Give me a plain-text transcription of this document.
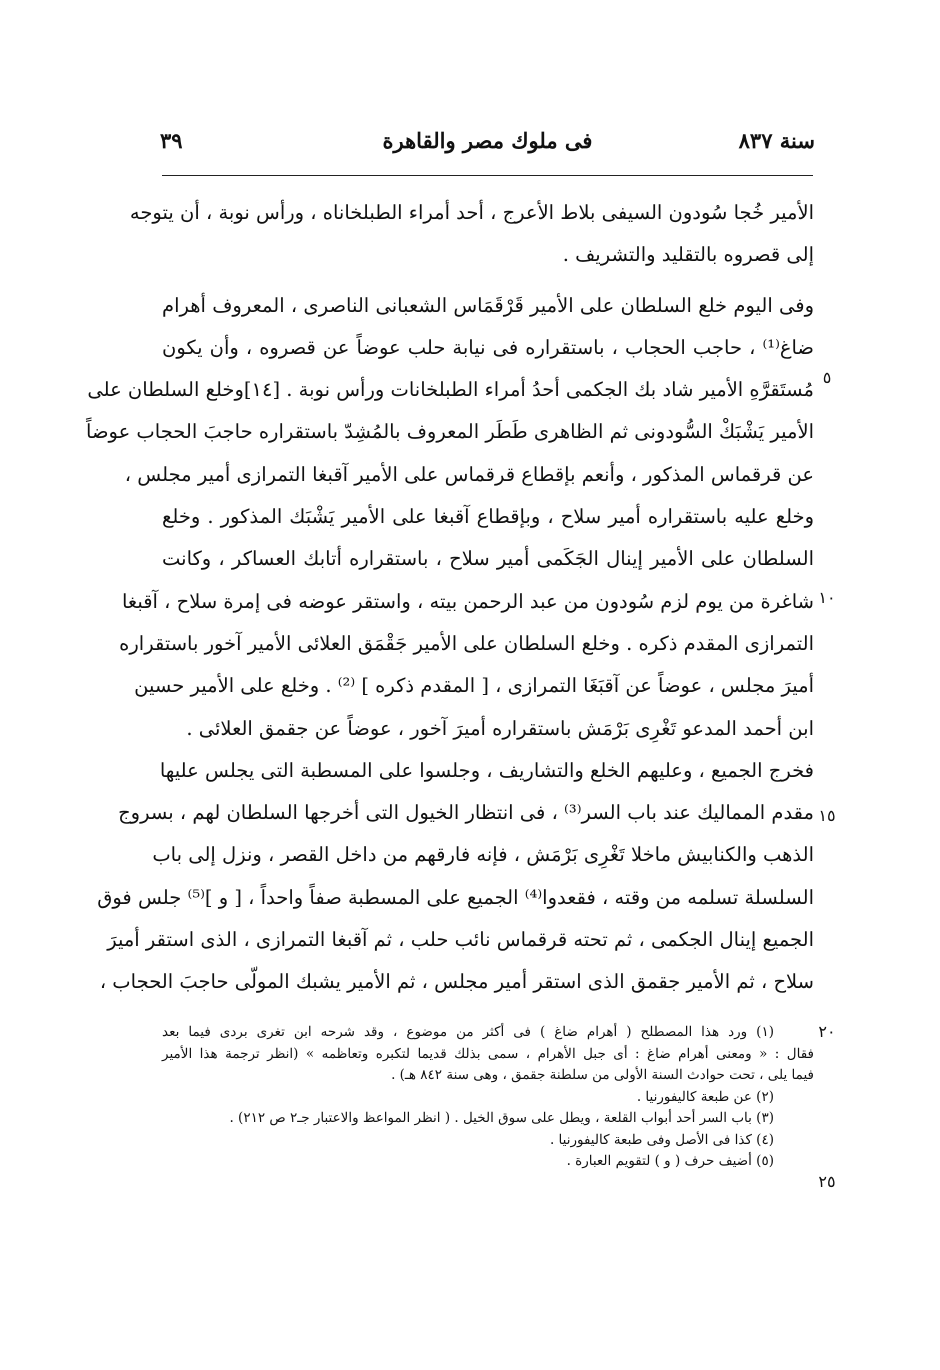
سنة ٨٣٧
فى ملوك مصر والقاهرة
٣٩
الأمير خُجا سُودون السيفى بلاط الأعرج ، أحد أمراء الطبلخاناه ، ورأس نوبة ، أن يتوجه
إلى قصروه بالتقليد والتشريف .
وفى اليوم خلع السلطان على الأمير قَرْقَمَاس الشعبانى الناصرى ، المعروف أهرام
ضاغ⁽¹⁾ ، حاجب الحجاب ، باستقراره فى نيابة حلب عوضاً عن قصروه ، وأن يكون
مُستَقرَّهِ الأمير شاد بك الجكمى أحدُ أمراء الطبلخانات ورأس نوبة . [١٤]وخلع السلطان على
الأمير يَشْبَكْ السُّودونى ثم الظاهرى طَطَر المعروف بالمُشِدّ باستقراره حاجبَ الحجاب عوضاً
عن قرقماس المذكور ، وأنعم بإقطاع قرقماس على الأمير آقبغا التمرازى أمير مجلس ،
وخلع عليه باستقراره أمير سلاح ، وبإقطاع آقبغا على الأمير يَشْبَك المذكور . وخلع
السلطان على الأمير إينال الجَكَمى أمير سلاح ، باستقراره أتابك العساكر ، وكانت
شاغرة من يوم لزم سُودون من عبد الرحمن بيته ، واستقر عوضه فى إمرة سلاح ، آقبغا
التمرازى المقدم ذكره . وخلع السلطان على الأمير جَقْمَق العلائى الأمير آخور باستقراره
أميرَ مجلس ، عوضاً عن آقبَغَا التمرازى ، [ المقدم ذكره ] ⁽²⁾ . وخلع على الأمير حسين
ابن أحمد المدعو تَغْرِى بَرْمَش باستقراره أميرَ آخور ، عوضاً عن جقمق العلائى .
فخرج الجميع ، وعليهم الخلع والتشاريف ، وجلسوا على المسطبة التى يجلس عليها
مقدم المماليك عند باب السر⁽³⁾ ، فى انتظار الخيول التى أخرجها السلطان لهم ، بسروج
الذهب والكنابيش ماخلا تَغْرِى بَرْمَش ، فإنه فارقهم من داخل القصر ، ونزل إلى باب
السلسلة تسلمه من وقته ، فقعدوا⁽⁴⁾ الجميع على المسطبة صفاً واحداً ، [ و ]⁽⁵⁾ جلس فوق
الجميع إينال الجكمى ، ثم تحته قرقماس نائب حلب ، ثم آقبغا التمرازى ، الذى استقر أميرَ
سلاح ، ثم الأمير جقمق الذى استقر أمير مجلس ، ثم الأمير يشبك المولّى حاجبَ الحجاب ،
٥
١٠
١٥
٢٠
٢٥
(١) ورد هذا المصطلح ( أهرام ضاغ ) فى أكثر من موضوع ، وقد شرحه ابن تغرى بردى فيما بعد
فقال : « ومعنى أهرام ضاغ : أى جبل الأهرام ، سمى بذلك قديما لتكبره وتعاظمه » (انظر ترجمة هذا الأمير
فيما يلى ، تحت حوادث السنة الأولى من سلطنة جقمق ، وهى سنة ٨٤٢ هـ) .
(٢) عن طبعة كاليفورنيا .
(٣) باب السر أحد أبواب القلعة ، ويطل على سوق الخيل . ( انظر المواعظ والاعتبار جـ٢ ص ٢١٢) .
(٤) كذا فى الأصل وفى طبعة كاليفورنيا .
(٥) أضيف حرف ( و ) لتقويم العبارة .
